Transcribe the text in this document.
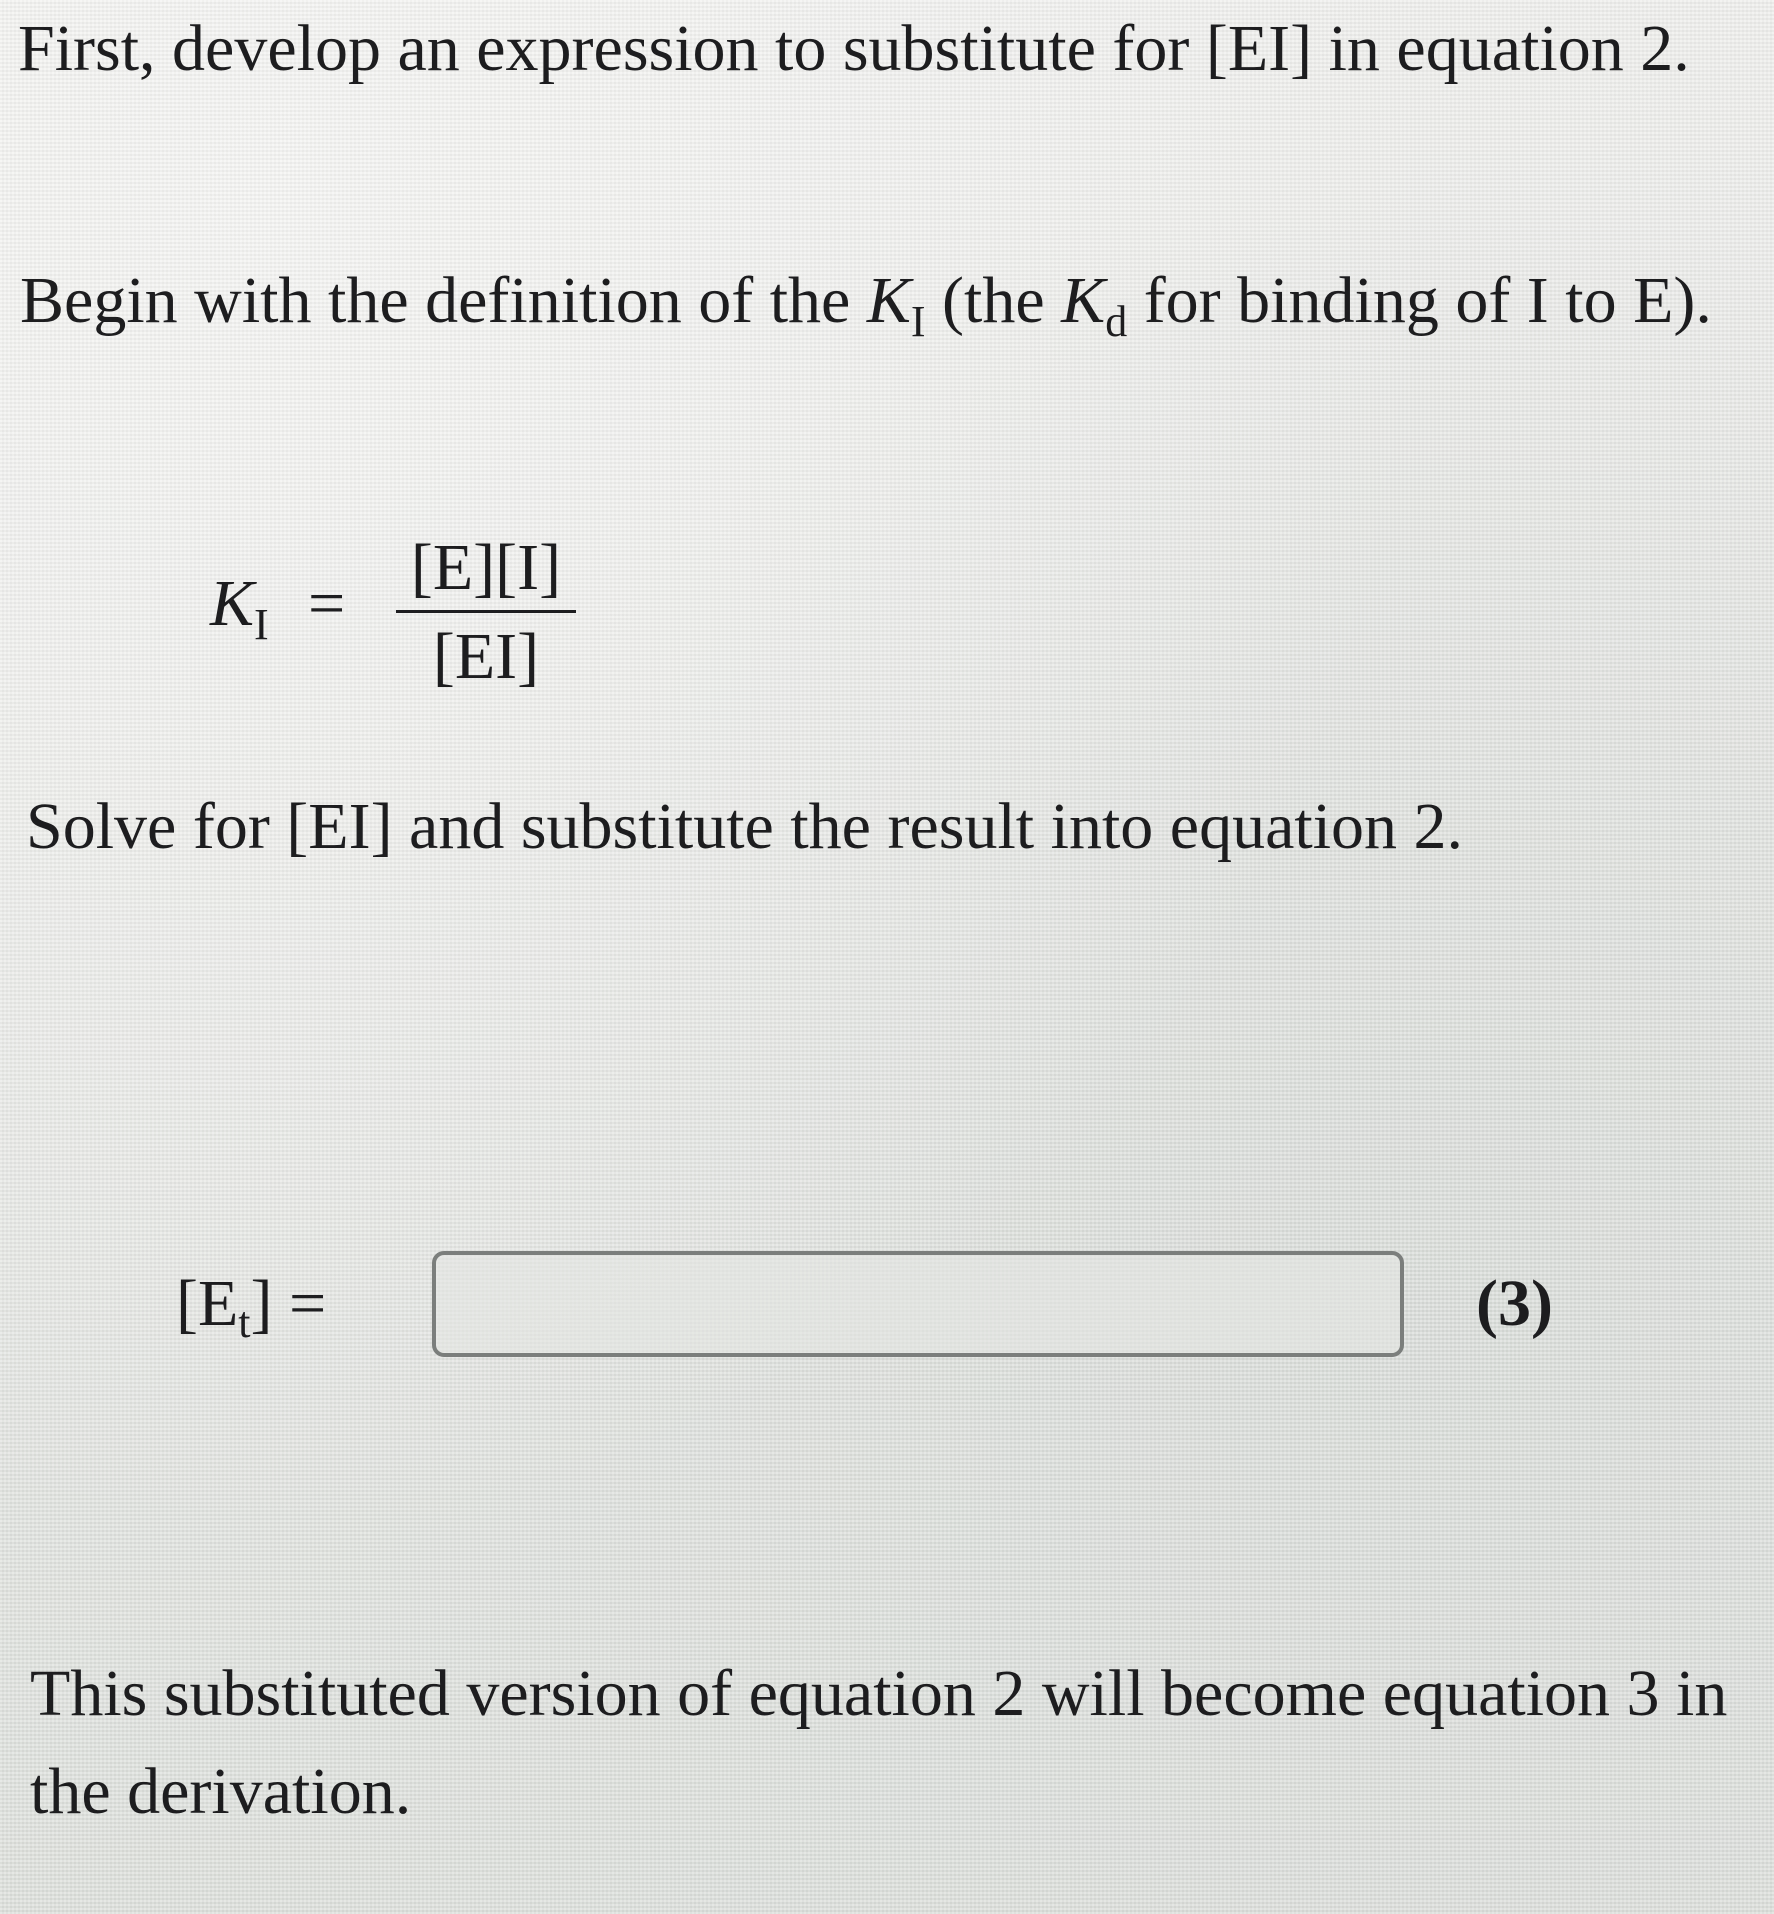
First, develop an expression to substitute for [EI] in equation 2.

Begin with the definition of the $K_I$ (the $K_d$ for binding of I to E).

$K_I = [E][I]$
[EI]

Solve for [EI] and substitute the result into equation 2.

[Et] =	(3)

This substituted version of equation 2 will become equation 3 in the derivation.
